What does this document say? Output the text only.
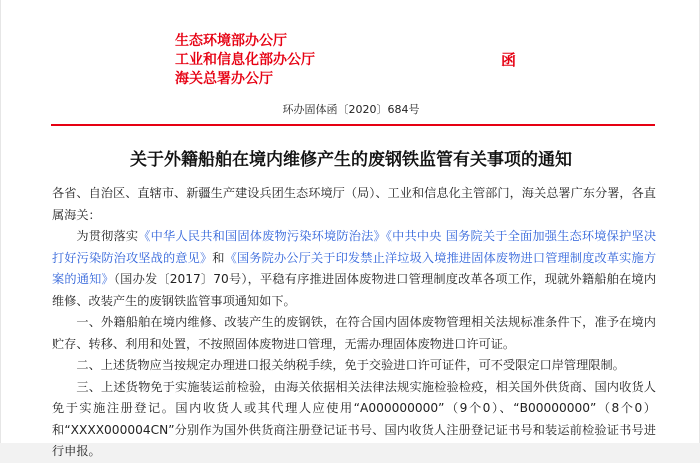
生态环境部办公厅
工业和信息化部办公厅
海关总署办公厅
函
环办固体函〔2020〕684号
关于外籍船舶在境内维修产生的废钢铁监管有关事项的通知

各省、自治区、直辖市、新疆生产建设兵团生态环境厅（局）、工业和信息化主管部门，海关总署广东分署，各直属海关：

为贯彻落实《中华人民共和国固体废物污染环境防治法》《中共中央 国务院关于全面加强生态环境保护坚决打好污染防治攻坚战的意见》和《国务院办公厅关于印发禁止洋垃圾入境推进固体废物进口管理制度改革实施方案的通知》（国办发〔2017〕70号），平稳有序推进固体废物进口管理制度改革各项工作，现就外籍船舶在境内维修、改装产生的废钢铁监管事项通知如下。

一、外籍船舶在境内维修、改装产生的废钢铁，在符合国内固体废物管理相关法规标准条件下，准予在境内贮存、转移、利用和处置，不按照固体废物进口管理，无需办理固体废物进口许可证。

二、上述货物应当按规定办理进口报关纳税手续，免于交验进口许可证件，可不受限定口岸管理限制。

三、上述货物免于实施装运前检验，由海关依据相关法律法规实施检验检疫，相关国外供货商、国内收货人免于实施注册登记。国内收货人或其代理人应使用“A000000000”（9个0）、“B00000000”（8个0）和“XXXX000004CN”分别作为国外供货商注册登记证书号、国内收货人注册登记证书号和装运前检验证书号进行申报。
